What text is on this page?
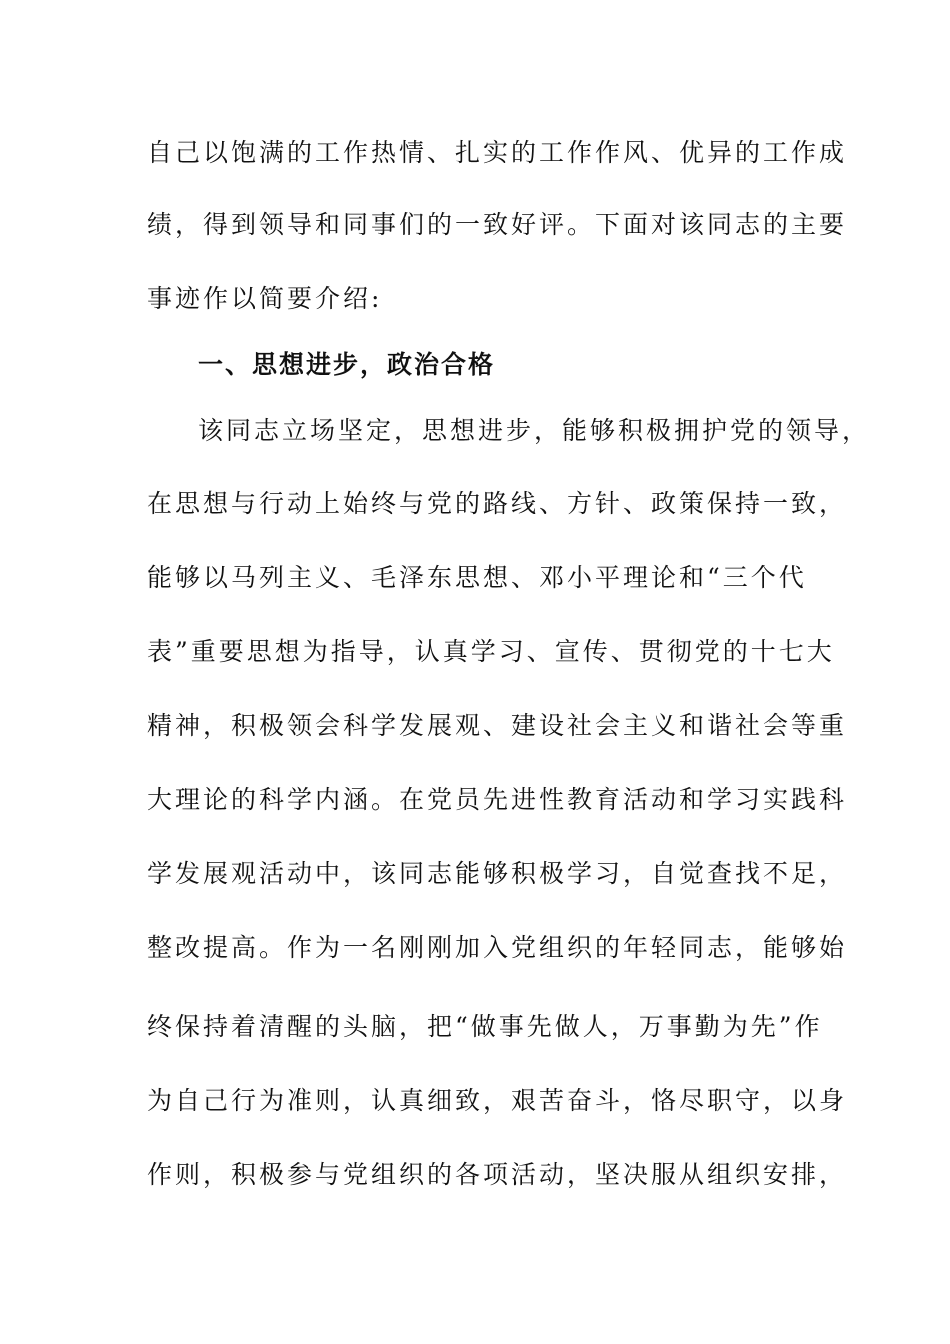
自己以饱满的工作热情、扎实的工作作风、优异的工作成
绩，得到领导和同事们的一致好评。下面对该同志的主要
事迹作以简要介绍:
一、思想进步，政治合格
该同志立场坚定，思想进步，能够积极拥护党的领导，
在思想与行动上始终与党的路线、方针、政策保持一致，
能够以马列主义、毛泽东思想、邓小平理论和“三个代
表”重要思想为指导，认真学习、宣传、贯彻党的十七大
精神，积极领会科学发展观、建设社会主义和谐社会等重
大理论的科学内涵。在党员先进性教育活动和学习实践科
学发展观活动中，该同志能够积极学习，自觉查找不足，
整改提高。作为一名刚刚加入党组织的年轻同志，能够始
终保持着清醒的头脑，把“做事先做人，万事勤为先”作
为自己行为准则，认真细致，艰苦奋斗，恪尽职守，以身
作则，积极参与党组织的各项活动，坚决服从组织安排，
